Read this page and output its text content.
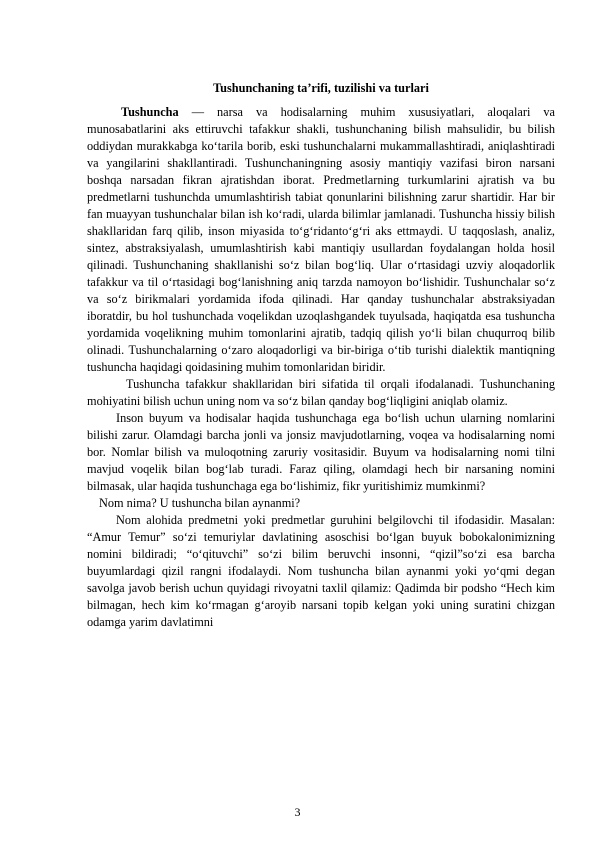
Tushunchaning ta’rifi, tuzilishi va turlari

Tushuncha — narsa va hodisalarning muhim xususiyatlari, aloqalari va munosabatlarini aks ettiruvchi tafakkur shakli, tushunchaning bilish mahsulidir, bu bilish oddiydan murakkabga ko‘tarila borib, eski tushunchalarni mukammallashtiradi, aniqlashtiradi va yangilarini shakllantiradi. Tushunchaningning asosiy mantiqiy vazifasi biron narsani boshqa narsadan fikran ajratishdan iborat. Predmetlarning turkumlarini ajratish va bu predmetlarni tushunchda umumlashtirish tabiat qonunlarini bilishning zarur shartidir. Har bir fan muayyan tushunchalar bilan ish ko‘radi, ularda bilimlar jamlanadi. Tushuncha hissiy bilish shakllaridan farq qilib, inson miyasida to‘g‘ridanto‘g‘ri aks ettmaydi. U taqqoslash, analiz, sintez, abstraksiyalash, umumlashtirish kabi mantiqiy usullardan foydalangan holda hosil qilinadi. Tushunchaning shakllanishi so‘z bilan bog‘liq. Ular o‘rtasidagi uzviy aloqadorlik tafakkur va til o‘rtasidagi bog‘lanishning aniq tarzda namoyon bo‘lishidir. Tushunchalar so‘z va so‘z birikmalari yordamida ifoda qilinadi. Har qanday tushunchalar abstraksiyadan iboratdir, bu hol tushunchada voqelikdan uzoqlashgandek tuyulsada, haqiqatda esa tushuncha yordamida voqelikning muhim tomonlarini ajratib, tadqiq qilish yo‘li bilan chuqurroq bilib olinadi. Tushunchalarning o‘zaro aloqadorligi va bir-biriga o‘tib turishi dialektik mantiqning tushuncha haqidagi qoidasining muhim tomonlaridan biridir.

Tushuncha tafakkur shakllaridan biri sifatida til orqali ifodalanadi. Tushunchaning mohiyatini bilish uchun uning nom va so‘z bilan qanday bog‘liqligini aniqlab olamiz.

Inson buyum va hodisalar haqida tushunchaga ega bo‘lish uchun ularning nomlarini bilishi zarur. Olamdagi barcha jonli va jonsiz mavjudotlarning, voqea va hodisalarning nomi bor. Nomlar bilish va muloqotning zaruriy vositasidir. Buyum va hodisalarning nomi tilni mavjud voqelik bilan bog‘lab turadi. Faraz qiling, olamdagi hech bir narsaning nomini bilmasak, ular haqida tushunchaga ega bo‘lishimiz, fikr yuritishimiz mumkinmi?

Nom nima? U tushuncha bilan aynanmi?

Nom alohida predmetni yoki predmetlar guruhini belgilovchi til ifodasidir. Masalan: “Amur Temur” so‘zi temuriylar davlatining asoschisi bo‘lgan buyuk bobokalonimizning nomini bildiradi; “o‘qituvchi” so‘zi bilim beruvchi insonni, “qizil”so‘zi esa barcha buyumlardagi qizil rangni ifodalaydi. Nom tushuncha bilan aynanmi yoki yo‘qmi degan savolga javob berish uchun quyidagi rivoyatni taxlil qilamiz: Qadimda bir podsho “Hech kim bilmagan, hech kim ko‘rmagan g‘aroyib narsani topib kelgan yoki uning suratini chizgan odamga yarim davlatimni

3
